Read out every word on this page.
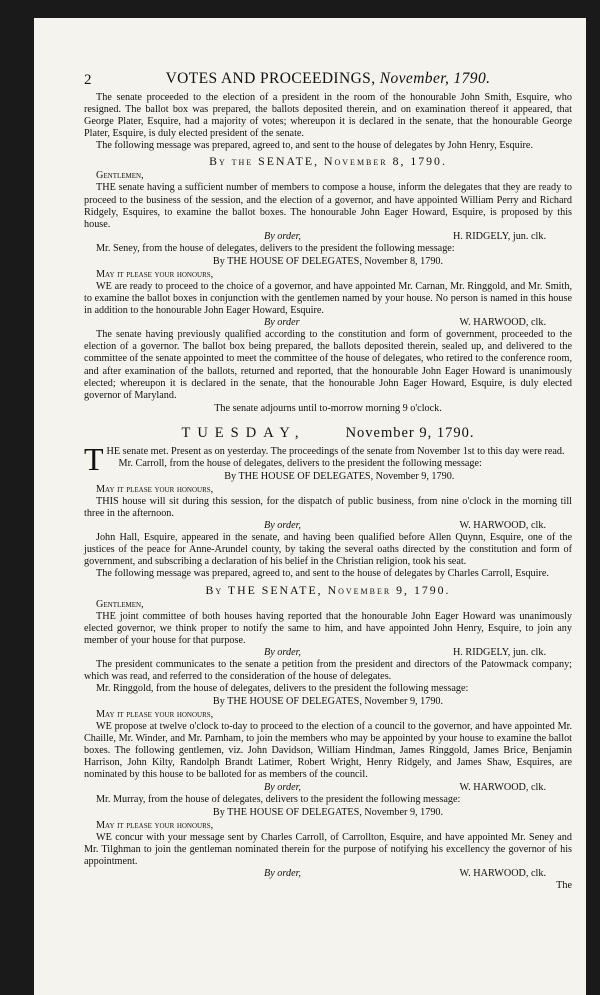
2	VOTES AND PROCEEDINGS, November, 1790.

The senate proceeded to the election of a president in the room of the honourable John Smith, Esquire, who resigned. The ballot box was prepared, the ballots deposited therein, and on examination thereof it appeared, that George Plater, Esquire, had a majority of votes; whereupon it is declared in the senate, that the honourable George Plater, Esquire, is duly elected president of the senate.

The following message was prepared, agreed to, and sent to the house of delegates by John Henry, Esquire.

By the SENATE, November 8, 1790.
Gentlemen,

THE senate having a sufficient number of members to compose a house, inform the delegates that they are ready to proceed to the business of the session, and the election of a governor, and have appointed William Perry and Richard Ridgely, Esquires, to examine the ballot boxes. The honourable John Eager Howard, Esquire, is proposed by this house.

By order,	H. RIDGELY, jun. clk.

Mr. Seney, from the house of delegates, delivers to the president the following message:

By THE HOUSE OF DELEGATES, November 8, 1790.
May it please your honours,

WE are ready to proceed to the choice of a governor, and have appointed Mr. Carnan, Mr. Ringgold, and Mr. Smith, to examine the ballot boxes in conjunction with the gentlemen named by your house. No person is named in this house in addition to the honourable John Eager Howard, Esquire.

By order	W. HARWOOD, clk.

The senate having previously qualified according to the constitution and form of government, proceeded to the election of a governor. The ballot box being prepared, the ballots deposited therein, sealed up, and delivered to the committee of the senate appointed to meet the committee of the house of delegates, who retired to the conference room, and after examination of the ballots, returned and reported, that the honourable John Eager Howard is unanimously elected; whereupon it is declared in the senate, that the honourable John Eager Howard, Esquire, is duly elected governor of Maryland.

The senate adjourns until to-morrow morning 9 o'clock.
TUESDAY,	November 9, 1790.

THE senate met. Present as on yesterday. The proceedings of the senate from November 1st to this day were read.

Mr. Carroll, from the house of delegates, delivers to the president the following message:

By THE HOUSE OF DELEGATES, November 9, 1790.
May it please your honours,

THIS house will sit during this session, for the dispatch of public business, from nine o'clock in the morning till three in the afternoon.

By order,	W. HARWOOD, clk.

John Hall, Esquire, appeared in the senate, and having been qualified before Allen Quynn, Esquire, one of the justices of the peace for Anne-Arundel county, by taking the several oaths directed by the constitution and form of government, and subscribing a declaration of his belief in the Christian religion, took his seat.

The following message was prepared, agreed to, and sent to the house of delegates by Charles Carroll, Esquire.

By THE SENATE, November 9, 1790.
Gentlemen,

THE joint committee of both houses having reported that the honourable John Eager Howard was unanimously elected governor, we think proper to notify the same to him, and have appointed John Henry, Esquire, to join any member of your house for that purpose.

By order,	H. RIDGELY, jun. clk.

The president communicates to the senate a petition from the president and directors of the Patowmack company; which was read, and referred to the consideration of the house of delegates.

Mr. Ringgold, from the house of delegates, delivers to the president the following message:

By THE HOUSE OF DELEGATES, November 9, 1790.
May it please your honours,

WE propose at twelve o'clock to-day to proceed to the election of a council to the governor, and have appointed Mr. Chaille, Mr. Winder, and Mr. Parnham, to join the members who may be appointed by your house to examine the ballot boxes. The following gentlemen, viz. John Davidson, William Hindman, James Ringgold, James Brice, Benjamin Harrison, John Kilty, Randolph Brandt Latimer, Robert Wright, Henry Ridgely, and James Shaw, Esquires, are nominated by this house to be balloted for as members of the council.

By order,	W. HARWOOD, clk.

Mr. Murray, from the house of delegates, delivers to the president the following message:

By THE HOUSE OF DELEGATES, November 9, 1790.
May it please your honours,

WE concur with your message sent by Charles Carroll, of Carrollton, Esquire, and have appointed Mr. Seney and Mr. Tilghman to join the gentleman nominated therein for the purpose of notifying his excellency the governor of his appointment.

By order,	W. HARWOOD, clk.
The
